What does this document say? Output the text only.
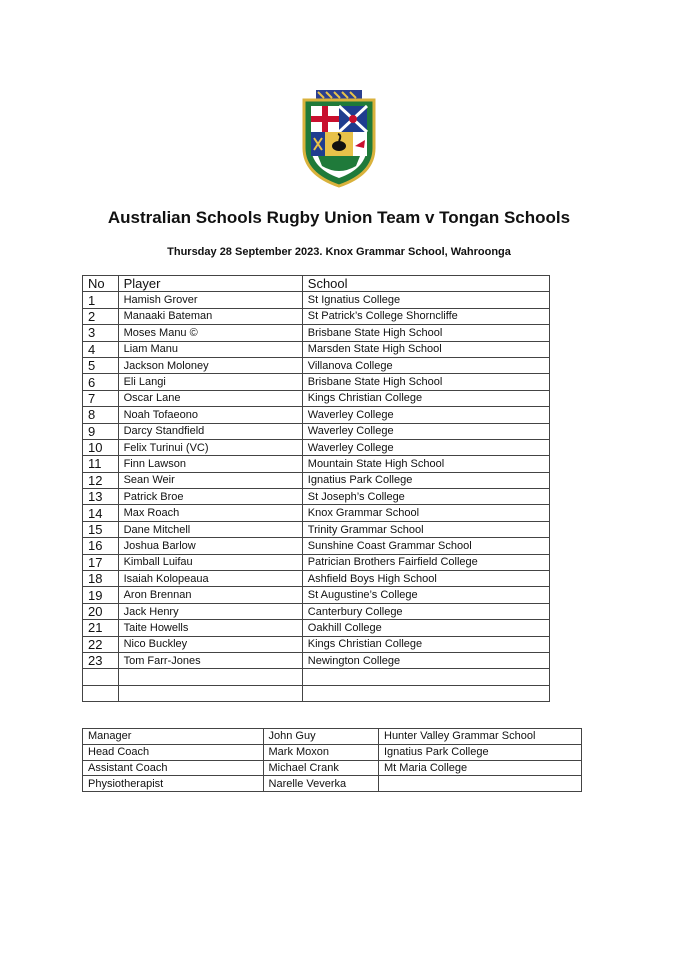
Australian Schools Rugby Union Team v Tongan Schools
Thursday 28 September 2023. Knox Grammar School, Wahroonga
No	Player	School
1	Hamish Grover	St Ignatius College
2	Manaaki Bateman	St Patrick’s College Shorncliffe
3	Moses Manu ©	Brisbane State High School
4	Liam Manu	Marsden State High School
5	Jackson Moloney	Villanova College
6	Eli Langi	Brisbane State High School
7	Oscar Lane	Kings Christian College
8	Noah Tofaeono	Waverley College
9	Darcy Standfield	Waverley College
10	Felix Turinui (VC)	Waverley College
11	Finn Lawson	Mountain State High School
12	Sean Weir	Ignatius Park College
13	Patrick Broe	St Joseph’s College
14	Max Roach	Knox Grammar School
15	Dane Mitchell	Trinity Grammar School
16	Joshua Barlow	Sunshine Coast Grammar School
17	Kimball Luifau	Patrician Brothers Fairfield College
18	Isaiah Kolopeaua	Ashfield Boys High School
19	Aron Brennan	St Augustine’s College
20	Jack Henry	Canterbury College
21	Taite Howells	Oakhill College
22	Nico Buckley	Kings Christian College
23	Tom Farr-Jones	Newington College

Manager	John Guy	Hunter Valley Grammar School
Head Coach	Mark Moxon	Ignatius Park College
Assistant Coach	Michael Crank	Mt Maria College
Physiotherapist	Narelle Veverka	
